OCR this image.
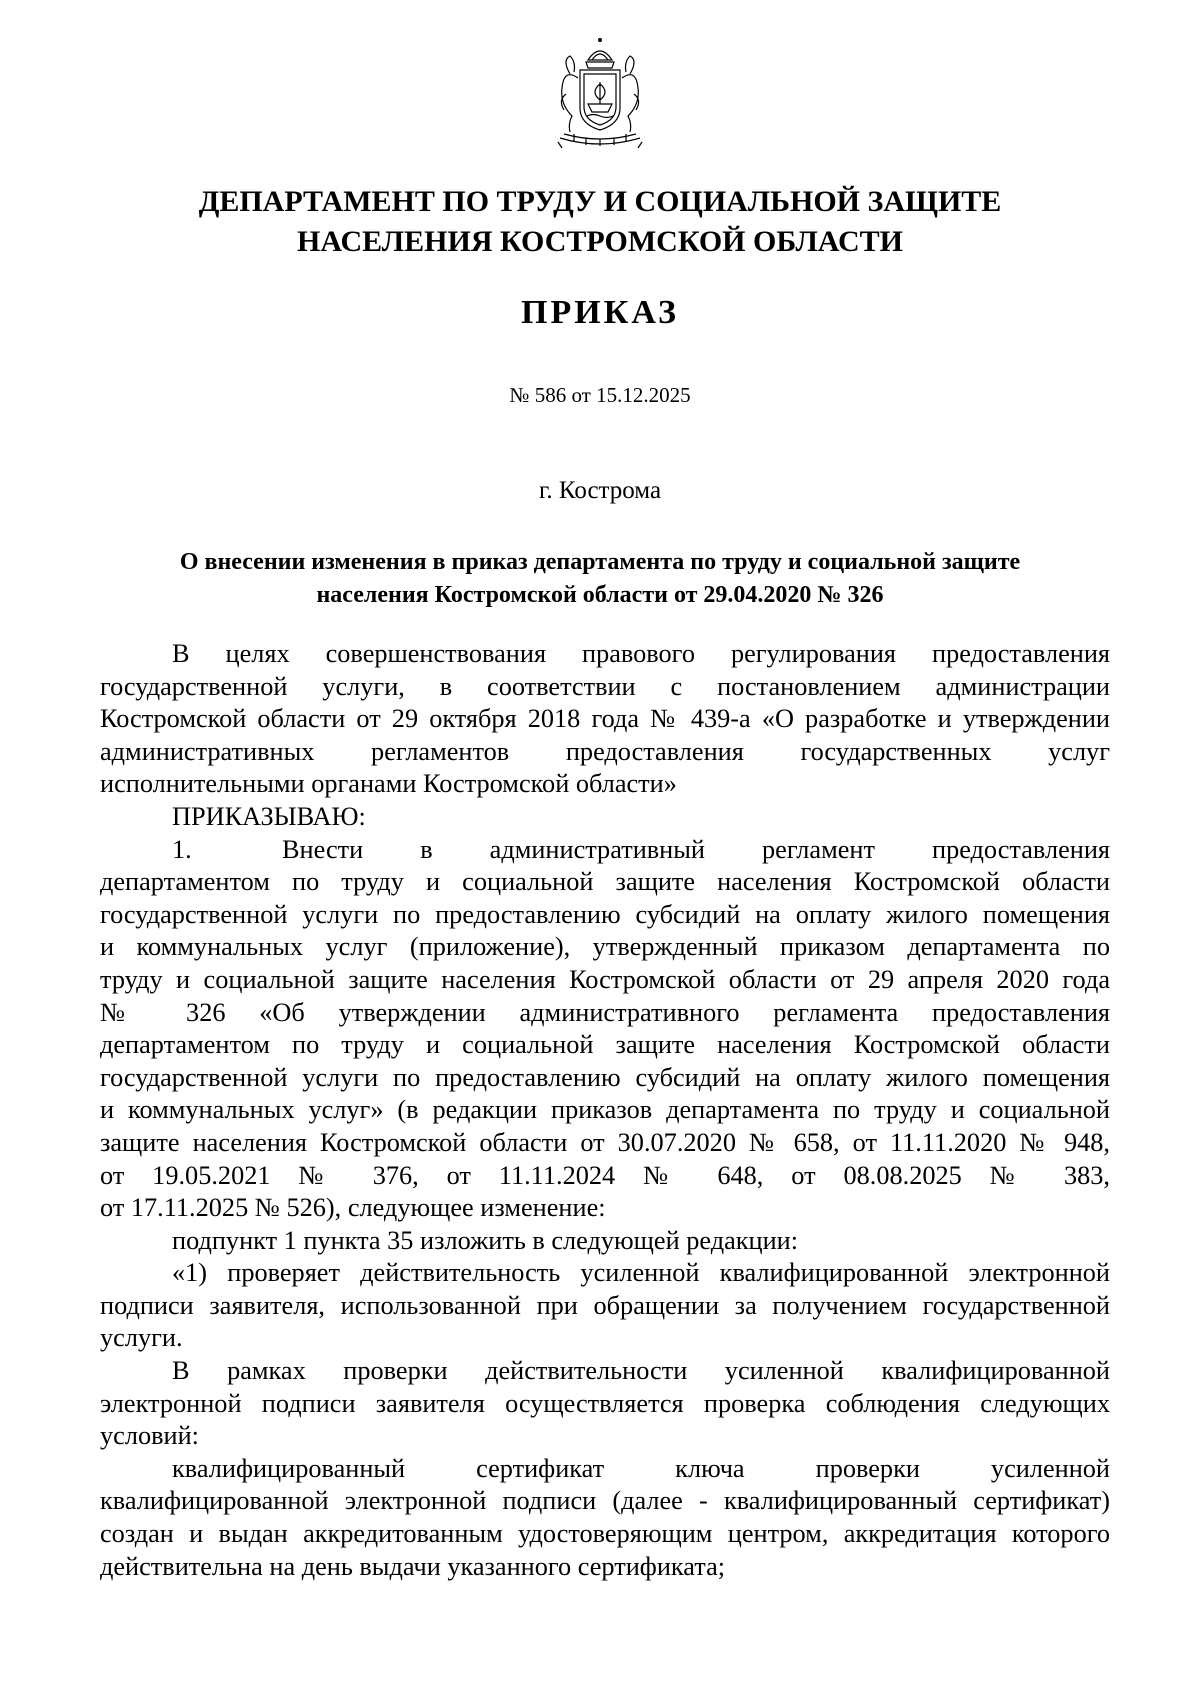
ДЕПАРТАМЕНТ ПО ТРУДУ И СОЦИАЛЬНОЙ ЗАЩИТЕ
НАСЕЛЕНИЯ КОСТРОМСКОЙ ОБЛАСТИ
ПРИКАЗ
№ 586 от 15.12.2025
г. Кострома
О внесении изменения в приказ департамента по труду и социальной защите
населения Костромской области от 29.04.2020 № 326
В целях совершенствования правового регулирования предоставления
государственной услуги, в соответствии с постановлением администрации
Костромской области от 29 октября 2018 года № 439-а «О разработке и утверждении
административных регламентов предоставления государственных услуг
исполнительными органами Костромской области»
ПРИКАЗЫВАЮ:
1.	Внести в административный регламент предоставления
департаментом по труду и социальной защите населения Костромской области
государственной услуги по предоставлению субсидий на оплату жилого помещения
и коммунальных услуг (приложение), утвержденный приказом департамента по
труду и социальной защите населения Костромской области от 29 апреля 2020 года
№ 326 «Об утверждении административного регламента предоставления
департаментом по труду и социальной защите населения Костромской области
государственной услуги по предоставлению субсидий на оплату жилого помещения
и коммунальных услуг» (в редакции приказов департамента по труду и социальной
защите населения Костромской области от 30.07.2020 № 658, от 11.11.2020 № 948,
от 19.05.2021 № 376, от 11.11.2024 № 648, от 08.08.2025 № 383,
от 17.11.2025 № 526), следующее изменение:
подпункт 1 пункта 35 изложить в следующей редакции:
«1) проверяет действительность усиленной квалифицированной электронной
подписи заявителя, использованной при обращении за получением государственной
услуги.
В рамках проверки действительности усиленной квалифицированной
электронной подписи заявителя осуществляется проверка соблюдения следующих
условий:
квалифицированный сертификат ключа проверки усиленной
квалифицированной электронной подписи (далее - квалифицированный сертификат)
создан и выдан аккредитованным удостоверяющим центром, аккредитация которого
действительна на день выдачи указанного сертификата;
